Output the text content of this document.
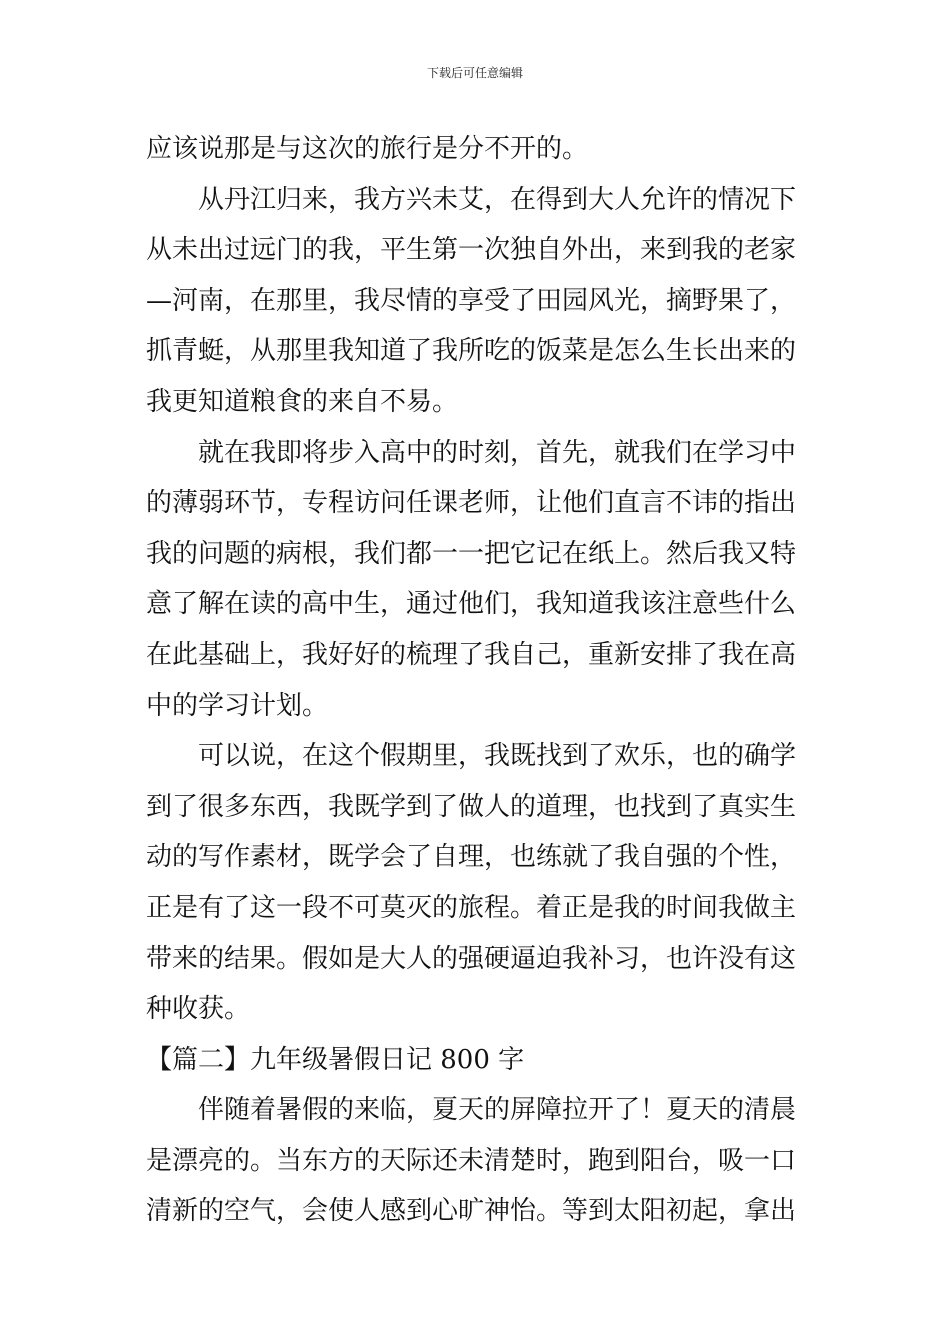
下载后可任意编辑
应该说那是与这次的旅行是分不开的。
从丹江归来，我方兴未艾，在得到大人允许的情况下
从未出过远门的我，平生第一次独自外出，来到我的老家
—河南，在那里，我尽情的享受了田园风光，摘野果了，
抓青蜓，从那里我知道了我所吃的饭菜是怎么生长出来的
我更知道粮食的来自不易。
就在我即将步入高中的时刻，首先，就我们在学习中
的薄弱环节，专程访问任课老师，让他们直言不讳的指出
我的问题的病根，我们都一一把它记在纸上。然后我又特
意了解在读的高中生，通过他们，我知道我该注意些什么
在此基础上，我好好的梳理了我自己，重新安排了我在高
中的学习计划。
可以说，在这个假期里，我既找到了欢乐，也的确学
到了很多东西，我既学到了做人的道理，也找到了真实生
动的写作素材，既学会了自理，也练就了我自强的个性，
正是有了这一段不可莫灭的旅程。着正是我的时间我做主
带来的结果。假如是大人的强硬逼迫我补习，也许没有这
种收获。
【篇二】九年级暑假日记 800 字
伴随着暑假的来临，夏天的屏障拉开了！夏天的清晨
是漂亮的。当东方的天际还未清楚时，跑到阳台，吸一口
清新的空气，会使人感到心旷神怡。等到太阳初起，拿出
